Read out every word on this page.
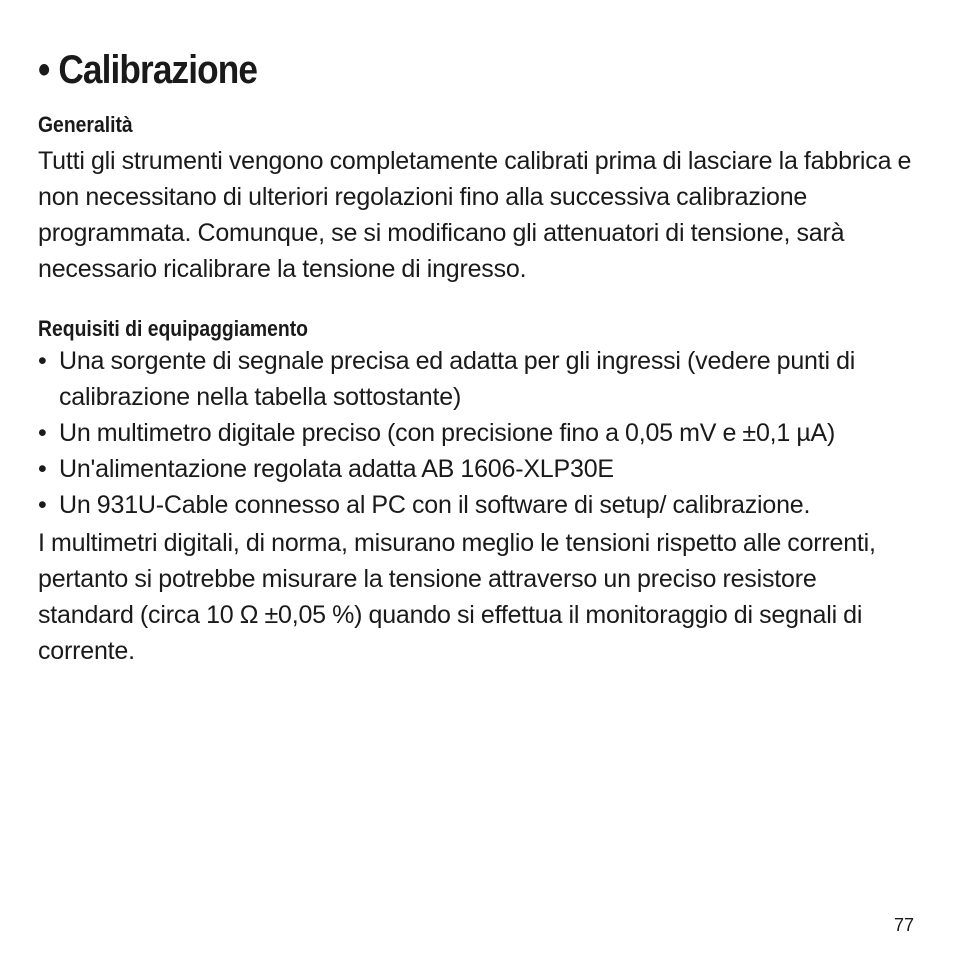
• Calibrazione
Generalità

Tutti gli strumenti vengono completamente calibrati prima di lasciare la fabbrica e non necessitano di ulteriori regolazioni fino alla successiva calibrazione programmata. Comunque, se si modificano gli attenuatori di tensione, sarà necessario ricalibrare la tensione di ingresso.

Requisiti di equipaggiamento
• Una sorgente di segnale precisa ed adatta per gli ingressi (vedere punti di calibrazione nella tabella sottostante)
• Un multimetro digitale preciso (con precisione fino a 0,05 mV e ±0,1 µA)
• Un'alimentazione regolata adatta AB 1606-XLP30E
• Un 931U-Cable connesso al PC con il software di setup/ calibrazione.

I multimetri digitali, di norma, misurano meglio le tensioni rispetto alle correnti, pertanto si potrebbe misurare la tensione attraverso un preciso resistore standard (circa 10 Ω ±0,05 %) quando si effettua il monitoraggio di segnali di corrente.

77
